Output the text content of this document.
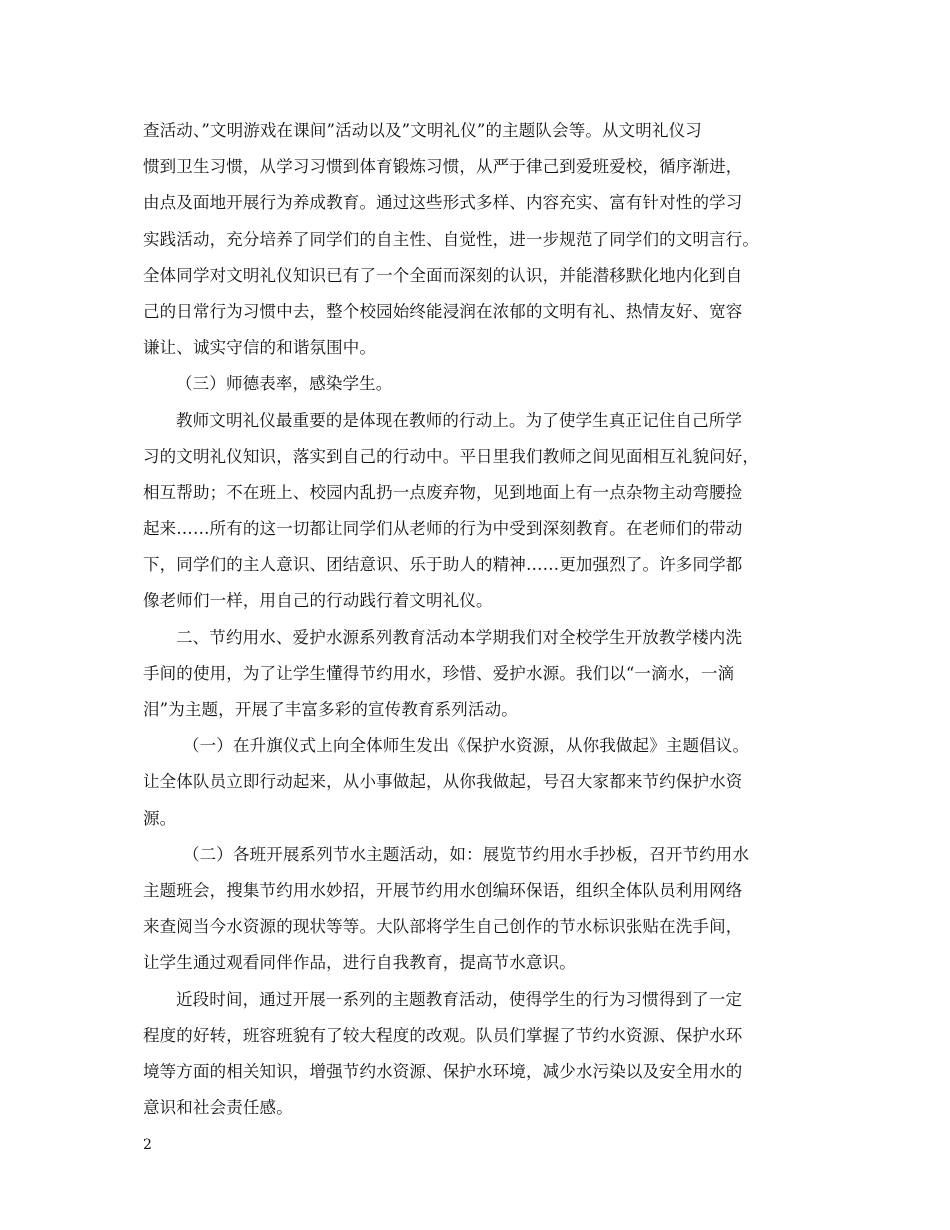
查活动、”文明游戏在课间”活动以及”文明礼仪”的主题队会等。从文明礼仪习
惯到卫生习惯，从学习习惯到体育锻炼习惯，从严于律己到爱班爱校，循序渐进，
由点及面地开展行为养成教育。通过这些形式多样、内容充实、富有针对性的学习
实践活动，充分培养了同学们的自主性、自觉性，进一步规范了同学们的文明言行。
全体同学对文明礼仪知识已有了一个全面而深刻的认识，并能潜移默化地内化到自
己的日常行为习惯中去，整个校园始终能浸润在浓郁的文明有礼、热情友好、宽容
谦让、诚实守信的和谐氛围中。
（三）师德表率，感染学生。
教师文明礼仪最重要的是体现在教师的行动上。为了使学生真正记住自己所学
习的文明礼仪知识，落实到自己的行动中。平日里我们教师之间见面相互礼貌问好，
相互帮助；不在班上、校园内乱扔一点废弃物，见到地面上有一点杂物主动弯腰捡
起来……所有的这一切都让同学们从老师的行为中受到深刻教育。在老师们的带动
下，同学们的主人意识、团结意识、乐于助人的精神……更加强烈了。许多同学都
像老师们一样，用自己的行动践行着文明礼仪。
二、节约用水、爱护水源系列教育活动本学期我们对全校学生开放教学楼内洗
手间的使用，为了让学生懂得节约用水，珍惜、爱护水源。我们以“一滴水，一滴
泪”为主题，开展了丰富多彩的宣传教育系列活动。
（一）在升旗仪式上向全体师生发出《保护水资源，从你我做起》主题倡议。
让全体队员立即行动起来，从小事做起，从你我做起，号召大家都来节约保护水资
源。
（二）各班开展系列节水主题活动，如：展览节约用水手抄板，召开节约用水
主题班会，搜集节约用水妙招，开展节约用水创编环保语，组织全体队员利用网络
来查阅当今水资源的现状等等。大队部将学生自己创作的节水标识张贴在洗手间，
让学生通过观看同伴作品，进行自我教育，提高节水意识。
近段时间，通过开展一系列的主题教育活动，使得学生的行为习惯得到了一定
程度的好转，班容班貌有了较大程度的改观。队员们掌握了节约水资源、保护水环
境等方面的相关知识，增强节约水资源、保护水环境，减少水污染以及安全用水的
意识和社会责任感。
2
